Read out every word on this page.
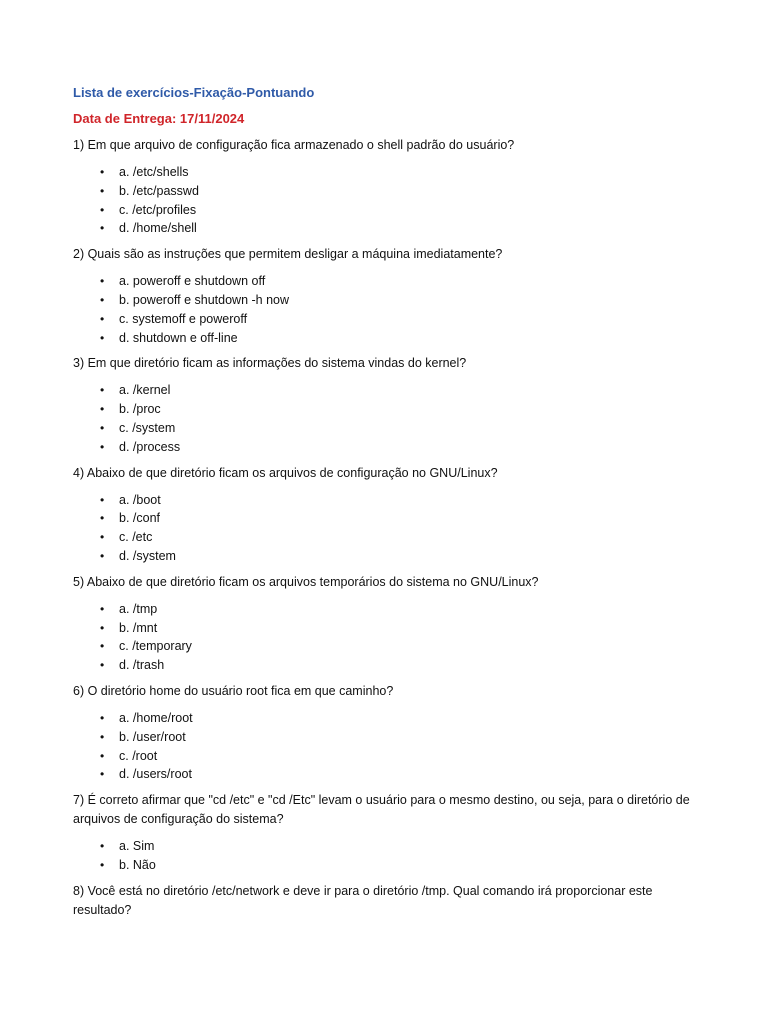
Lista de exercícios-Fixação-Pontuando
Data de Entrega: 17/11/2024
1) Em que arquivo de configuração fica armazenado o shell padrão do usuário?
• a. /etc/shells
• b. /etc/passwd
• c. /etc/profiles
• d. /home/shell
2) Quais são as instruções que permitem desligar a máquina imediatamente?
• a. poweroff e shutdown off
• b. poweroff e shutdown -h now
• c. systemoff e poweroff
• d. shutdown e off-line
3) Em que diretório ficam as informações do sistema vindas do kernel?
• a. /kernel
• b. /proc
• c. /system
• d. /process
4) Abaixo de que diretório ficam os arquivos de configuração no GNU/Linux?
• a. /boot
• b. /conf
• c. /etc
• d. /system
5) Abaixo de que diretório ficam os arquivos temporários do sistema no GNU/Linux?
• a. /tmp
• b. /mnt
• c. /temporary
• d. /trash
6) O diretório home do usuário root fica em que caminho?
• a. /home/root
• b. /user/root
• c. /root
• d. /users/root
7) É correto afirmar que "cd /etc" e "cd /Etc" levam o usuário para o mesmo destino, ou seja, para o diretório de arquivos de configuração do sistema?
• a. Sim
• b. Não
8) Você está no diretório /etc/network e deve ir para o diretório /tmp. Qual comando irá proporcionar este resultado?
